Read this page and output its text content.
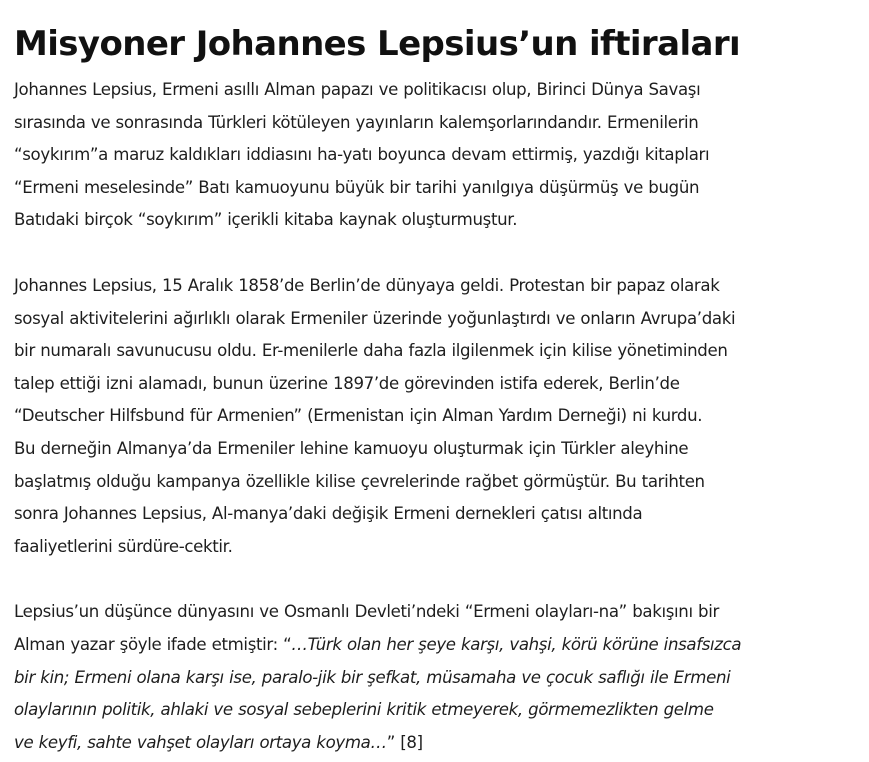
Misyoner Johannes Lepsius’un iftiraları

Johannes Lepsius, Ermeni asıllı Alman papazı ve politikacısı olup, Birinci Dünya Savaşı
sırasında ve sonrasında Türkleri kötüleyen yayınların kalemşorlarındandır. Ermenilerin
“soykırım”a maruz kaldıkları iddiasını ha-yatı boyunca devam ettirmiş, yazdığı kitapları
“Ermeni meselesinde” Batı kamuoyunu büyük bir tarihi yanılgıya düşürmüş ve bugün
Batıdaki birçok “soykırım” içerikli kitaba kaynak oluşturmuştur.

Johannes Lepsius, 15 Aralık 1858’de Berlin’de dünyaya geldi. Protestan bir papaz olarak
sosyal aktivitelerini ağırlıklı olarak Ermeniler üzerinde yoğunlaştırdı ve onların Avrupa’daki
bir numaralı savunucusu oldu. Er-menilerle daha fazla ilgilenmek için kilise yönetiminden
talep ettiği izni alamadı, bunun üzerine 1897’de görevinden istifa ederek, Berlin’de
“Deutscher Hilfsbund für Armenien” (Ermenistan için Alman Yardım Derneği) ni kurdu.
Bu derneğin Almanya’da Ermeniler lehine kamuoyu oluşturmak için Türkler aleyhine
başlatmış olduğu kampanya özellikle kilise çevrelerinde rağbet görmüştür. Bu tarihten
sonra Johannes Lepsius, Al-manya’daki değişik Ermeni dernekleri çatısı altında
faaliyetlerini sürdüre-cektir.

Lepsius’un düşünce dünyasını ve Osmanlı Devleti’ndeki “Ermeni olayları-na” bakışını bir
Alman yazar şöyle ifade etmiştir: “…Türk olan her şeye karşı, vahşi, körü körüne insafsızca
bir kin; Ermeni olana karşı ise, paralo-jik bir şefkat, müsamaha ve çocuk saflığı ile Ermeni
olaylarının politik, ahlaki ve sosyal sebeplerini kritik etmeyerek, görmemezlikten gelme
ve keyfi, sahte vahşet olayları ortaya koyma…” [8]
